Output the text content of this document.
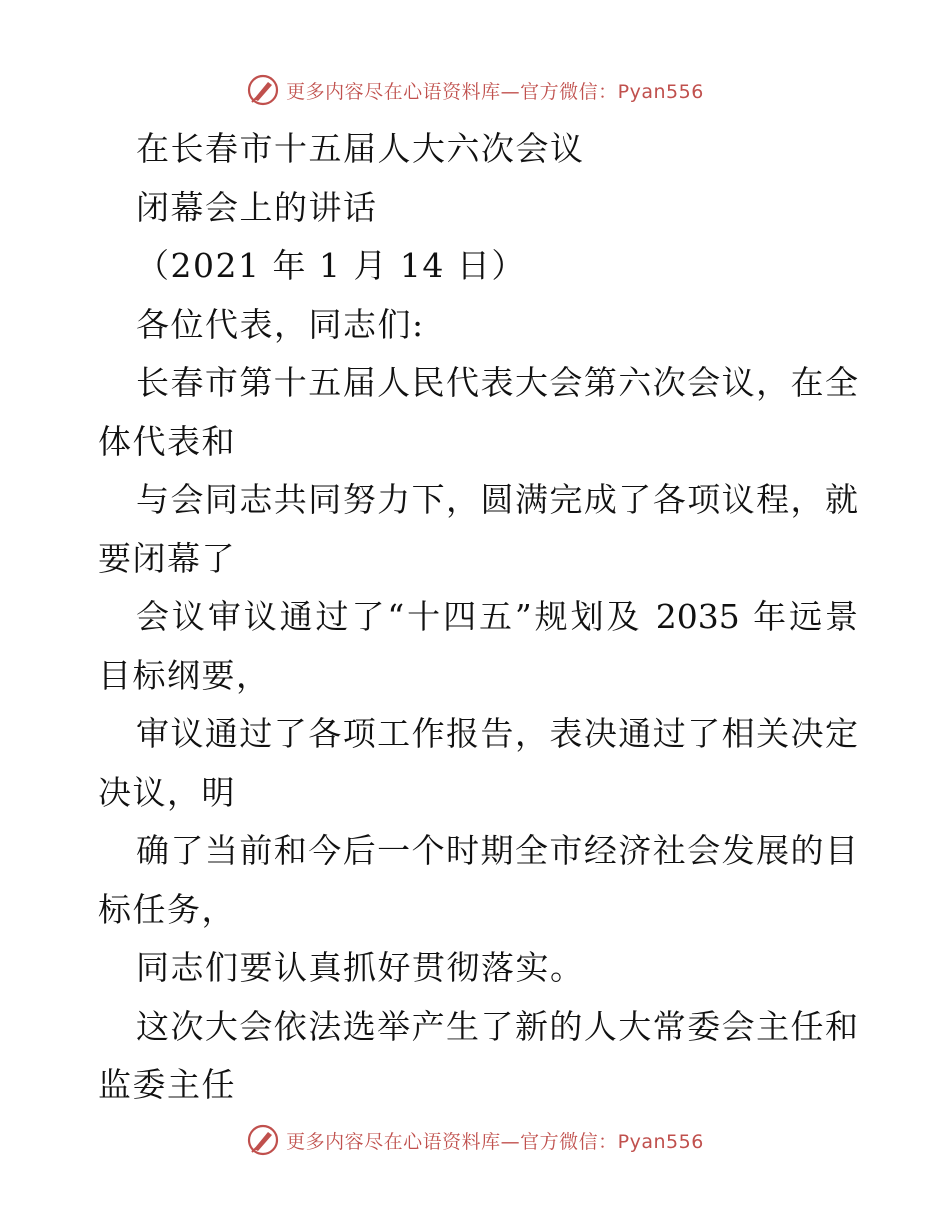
更多内容尽在心语资料库—官方微信：Pyan556
在长春市十五届人大六次会议
闭幕会上的讲话
（2021 年 1 月 14 日）
各位代表，同志们:
长春市第十五届人民代表大会第六次会议，在全
体代表和
与会同志共同努力下，圆满完成了各项议程，就
要闭幕了
会议审议通过了“十四五”规划及 2035 年远景
目标纲要，
审议通过了各项工作报告，表决通过了相关决定
决议，明
确了当前和今后一个时期全市经济社会发展的目
标任务，
同志们要认真抓好贯彻落实。
这次大会依法选举产生了新的人大常委会主任和
监委主任
更多内容尽在心语资料库—官方微信：Pyan556
